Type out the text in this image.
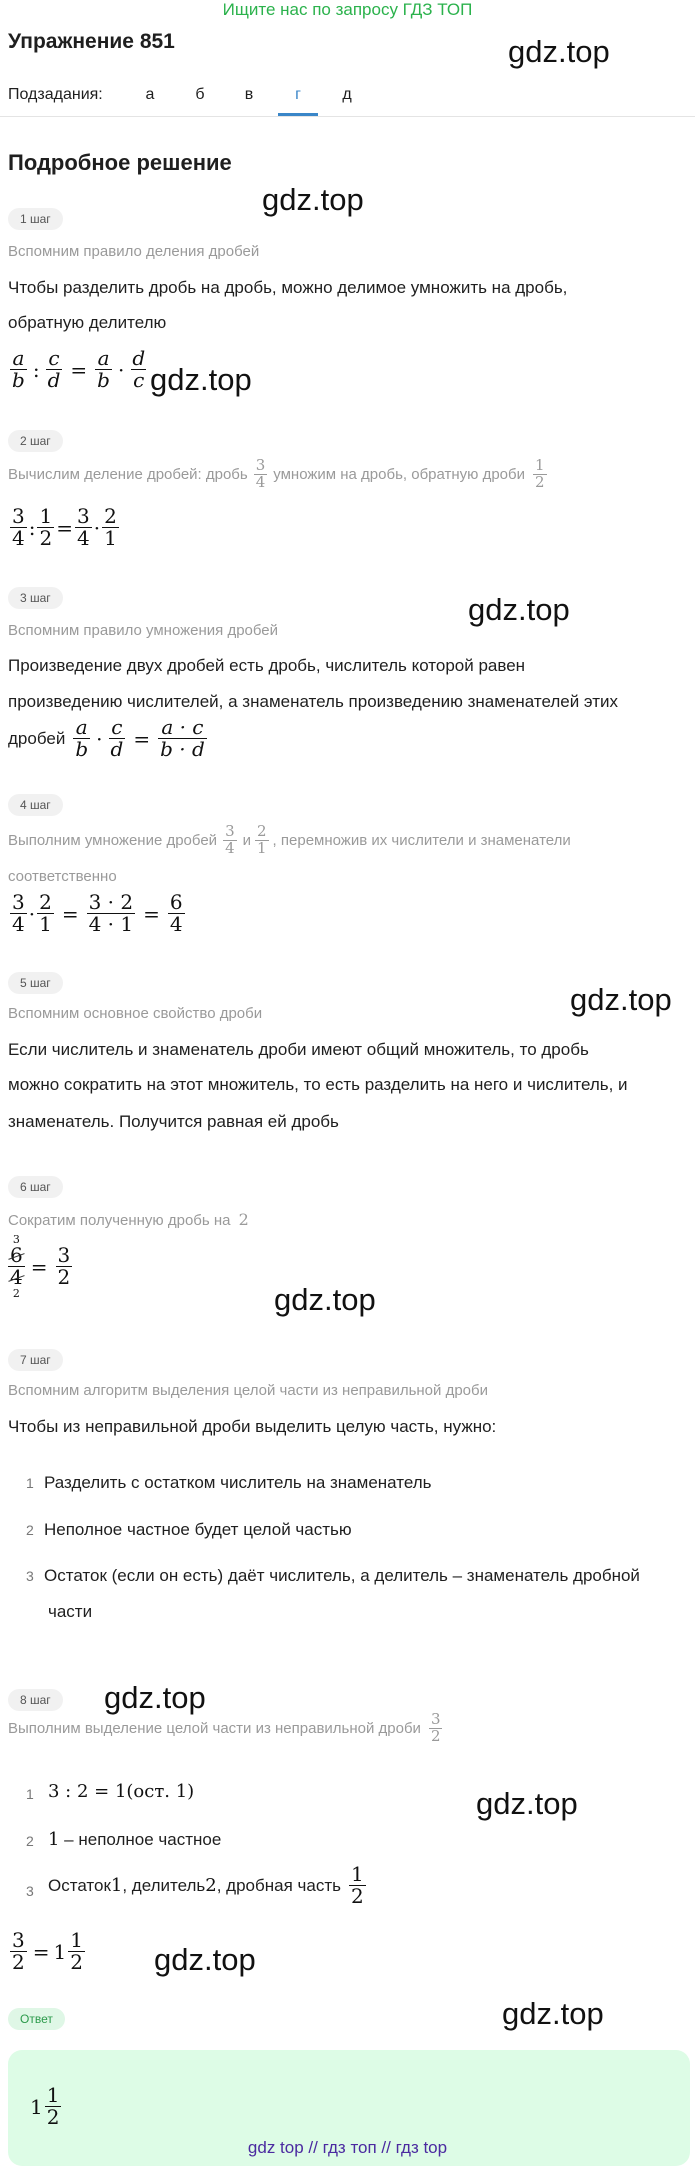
Ищите нас по запросу ГДЗ ТОП
Упражнение 851	gdz.top
Подзадания:	а	б	в	г	д
Подробное решение
gdz.top
1 шаг
Вспомним правило деления дробей
Чтобы разделить дробь на дробь, можно делимое умножить на дробь,
обратную делителю
$\frac{a}{b}$ : $\frac{c}{d} = \frac{a}{b} \cdot \frac{d}{c} gdz.top$
2 шаг
Вычислим деление дробей: дробь $\frac{3}{4}$ умножим на дробь, обратную дроби $\frac{1}{2}$
$\frac{3}{4}$ : $\frac{1}{2} = \frac{3}{4} \cdot \frac{2}{1}$
3 шаг	gdz.top
Вспомним правило умножения дробей
Произведение двух дробей есть дробь, числитель которой равен
произведению числителей, а знаменатель произведению знаменателей этих
дробей $\frac{a}{b} \cdot \frac{c}{d} = \frac{a \cdot c}{b \cdot d}$
4 шаг
Выполним умножение дробей $\frac{3}{4}$ и $\frac{2}{1}$ , перемножив их числители и знаменатели
соответственно
$\frac{3}{4} \cdot \frac{2}{1} = \frac{3 \cdot 2}{4 \cdot 1} = \frac{6}{4}$
5 шаг	gdz.top
Вспомним основное свойство дроби
Если числитель и знаменатель дроби имеют общий множитель, то дробь
можно сократить на этот множитель, то есть разделить на него и числитель, и
знаменатель. Получится равная ей дробь
6 шаг
Сократим полученную дробь на 2
3
$\frac{6}{4}$
2
= $\frac{3}{2}$
gdz.top
7 шаг
Вспомним алгоритм выделения целой части из неправильной дроби
Чтобы из неправильной дроби выделить целую часть, нужно:
1 Разделить с остатком числитель на знаменатель
2 Неполное частное будет целой частью
3 Остаток (если он есть) даёт числитель, а делитель – знаменатель дробной
части
8 шаг	gdz.top
Выполним выделение целой части из неправильной дроби $\frac{3}{2}$
1 3 : 2 = 1(ост. 1)	gdz.top
2 1 – неполное частное
3 Остаток 1 , делитель 2 , дробная часть $\frac{1}{2}$
$\frac{3}{2} = 1 \frac{1}{2} gdz.top$
Ответ	gdz.top
$1 \frac{1}{2}$
gdz top // гдз топ // гдз top
